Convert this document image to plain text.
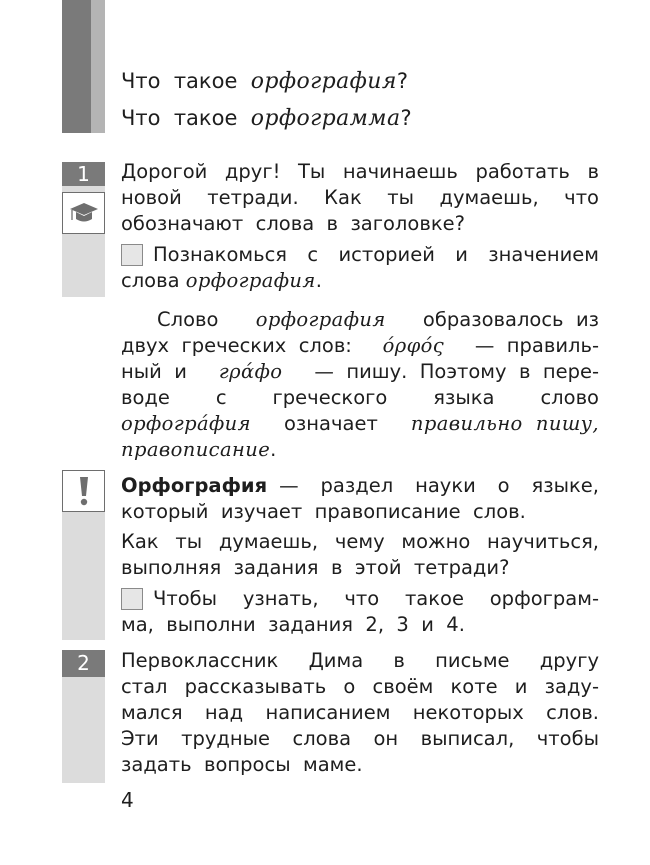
Что  такое орфография?
Что  такое орфограмма?
1	Дорогой  друг!  Ты  начинаешь  работать  в
новой   тетради.   Как   ты   думаешь,   что
обозначают  слова  в  заголовке?
Познакомься  с  историей  и  значением
слова орфография.
Слово орфография образовалось  из
двух  греческих  слов: όρφός —  правиль-
ный  и гράфо —  пишу.  Поэтому  в  пере-
воде    с    греческого    языка    слово
орфогрáфия означает правильно  пишу,
правописание.
Орфография —  раздел  науки  о  языке,
который  изучает  правописание  слов.
Как  ты  думаешь,  чему  можно  научиться,
выполняя  задания  в  этой  тетради?
Чтобы   узнать,   что   такое   орфограм-
ма,  выполни  задания  2,  3  и  4.
2	Первоклассник   Дима   в   письме   другу
стал  рассказывать  о  своём  коте  и  заду-
мался  над  написанием  некоторых  слов.
Эти  трудные  слова  он  выписал,  чтобы
задать  вопросы  маме.
4
